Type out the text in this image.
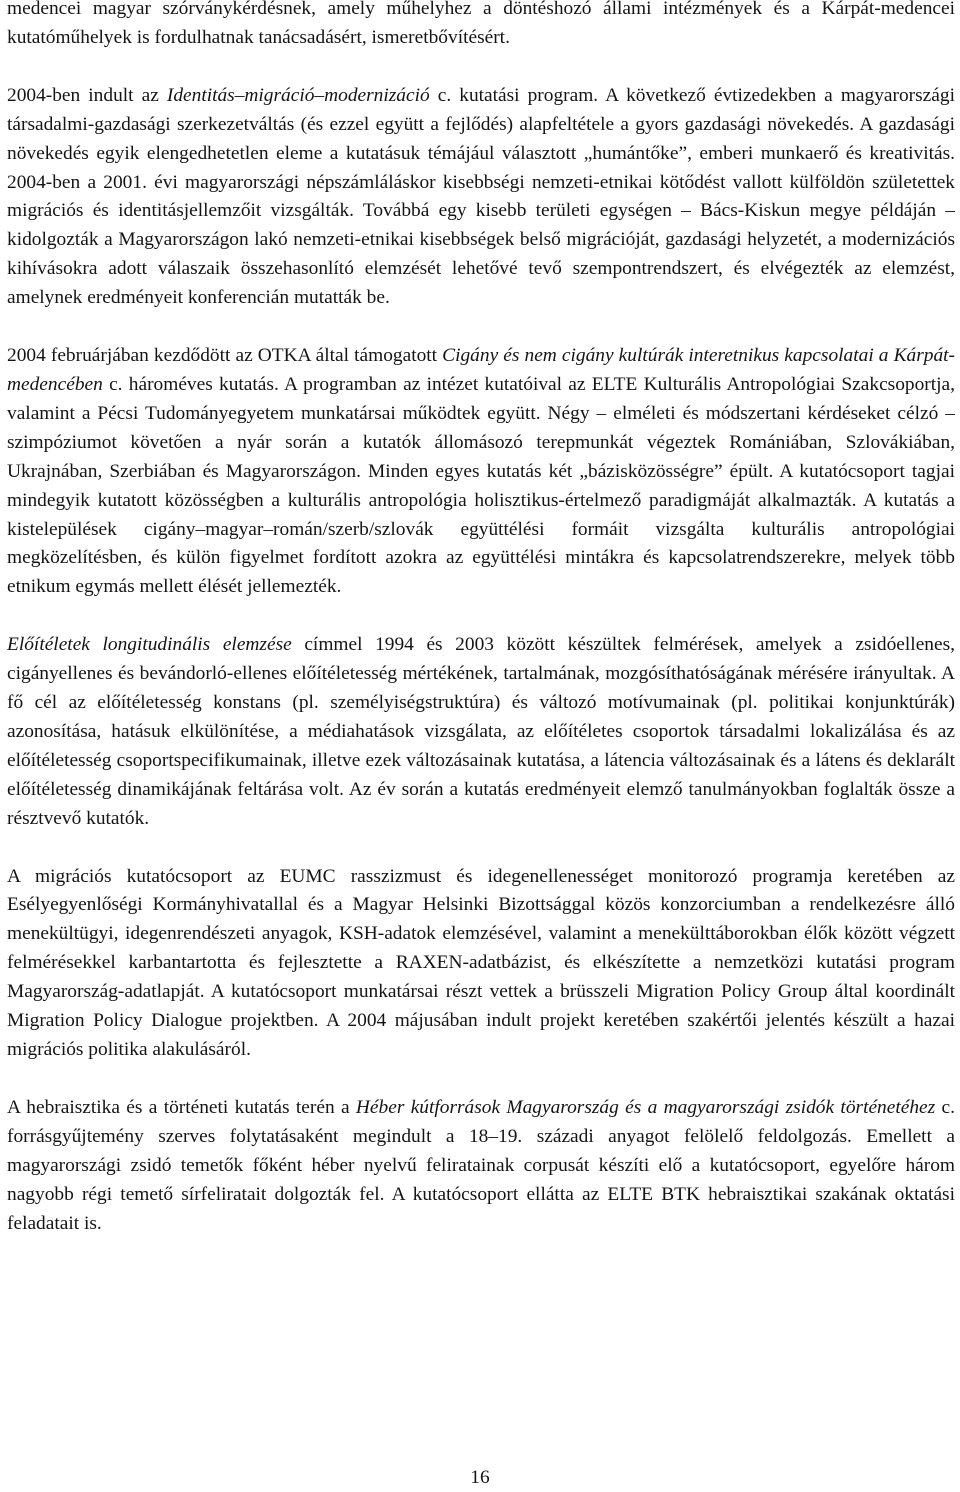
medencei magyar szórványkérdésnek, amely műhelyhez a döntéshozó állami intézmények és a Kárpát-medencei kutatóműhelyek is fordulhatnak tanácsadásért, ismeretbővítésért.

2004-ben indult az Identitás–migráció–modernizáció c. kutatási program. A következő évtizedekben a magyarországi társadalmi-gazdasági szerkezetváltás (és ezzel együtt a fejlődés) alapfeltétele a gyors gazdasági növekedés. A gazdasági növekedés egyik elengedhetetlen eleme a kutatásuk témájául választott „humántőke”, emberi munkaerő és kreativitás. 2004-ben a 2001. évi magyarországi népszámláláskor kisebbségi nemzeti-etnikai kötődést vallott külföldön születettek migrációs és identitásjellemzőit vizsgálták. Továbbá egy kisebb területi egységen – Bács-Kiskun megye példáján – kidolgozták a Magyarországon lakó nemzeti-etnikai kisebbségek belső migrációját, gazdasági helyzetét, a modernizációs kihívásokra adott válaszaik összehasonlító elemzését lehetővé tevő szempontrendszert, és elvégezték az elemzést, amelynek eredményeit konferencián mutatták be.

2004 februárjában kezdődött az OTKA által támogatott Cigány és nem cigány kultúrák interetnikus kapcsolatai a Kárpát-medencében c. hároméves kutatás. A programban az intézet kutatóival az ELTE Kulturális Antropológiai Szakcsoportja, valamint a Pécsi Tudományegyetem munkatársai működtek együtt. Négy – elméleti és módszertani kérdéseket célzó – szimpóziumot követően a nyár során a kutatók állomásozó terepmunkát végeztek Romániában, Szlovákiában, Ukrajnában, Szerbiában és Magyarországon. Minden egyes kutatás két „bázisközösségre” épült. A kutatócsoport tagjai mindegyik kutatott közösségben a kulturális antropológia holisztikus-értelmező paradigmáját alkalmazták. A kutatás a kistelepülések cigány–magyar–román/szerb/szlovák együttélési formáit vizsgálta kulturális antropológiai megközelítésben, és külön figyelmet fordított azokra az együttélési mintákra és kapcsolatrendszerekre, melyek több etnikum egymás mellett élését jellemezték.

Előítéletek longitudinális elemzése címmel 1994 és 2003 között készültek felmérések, amelyek a zsidóellenes, cigányellenes és bevándorló-ellenes előítéletesség mértékének, tartalmának, mozgósíthatóságának mérésére irányultak. A fő cél az előítéletesség konstans (pl. személyiségstruktúra) és változó motívumainak (pl. politikai konjunktúrák) azonosítása, hatásuk elkülönítése, a médiahatások vizsgálata, az előítéletes csoportok társadalmi lokalizálása és az előítéletesség csoportspecifikumainak, illetve ezek változásainak kutatása, a látencia változásainak és a látens és deklarált előítéletesség dinamikájának feltárása volt. Az év során a kutatás eredményeit elemző tanulmányokban foglalták össze a résztvevő kutatók.

A migrációs kutatócsoport az EUMC rasszizmust és idegenellenességet monitorozó programja keretében az Esélyegyenlőségi Kormányhivatallal és a Magyar Helsinki Bizottsággal közös konzorciumban a rendelkezésre álló menekültügyi, idegenrendészeti anyagok, KSH-adatok elemzésével, valamint a menekülttáborokban élők között végzett felmérésekkel karbantartotta és fejlesztette a RAXEN-adatbázist, és elkészítette a nemzetközi kutatási program Magyarország-adatlapját. A kutatócsoport munkatársai részt vettek a brüsszeli Migration Policy Group által koordinált Migration Policy Dialogue projektben. A 2004 májusában indult projekt keretében szakértői jelentés készült a hazai migrációs politika alakulásáról.

A hebraisztika és a történeti kutatás terén a Héber kútforrások Magyarország és a magyarországi zsidók történetéhez c. forrásgyűjtemény szerves folytatásaként megindult a 18–19. századi anyagot felölelő feldolgozás. Emellett a magyarországi zsidó temetők főként héber nyelvű feliratainak corpusát készíti elő a kutatócsoport, egyelőre három nagyobb régi temető sírfeliratait dolgozták fel. A kutatócsoport ellátta az ELTE BTK hebraisztikai szakának oktatási feladatait is.

16
